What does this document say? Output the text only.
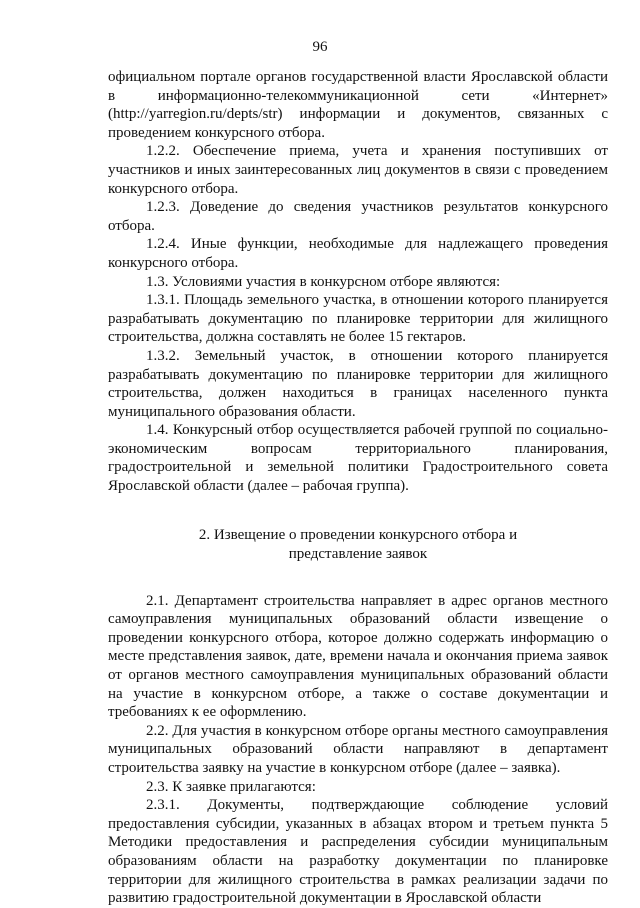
96

официальном портале органов государственной власти Ярославской области в информационно-телекоммуникационной сети «Интернет» (http://yarregion.ru/depts/str) информации и документов, связанных с проведением конкурсного отбора.

1.2.2. Обеспечение приема, учета и хранения поступивших от участников и иных заинтересованных лиц документов в связи с проведением конкурсного отбора.

1.2.3. Доведение до сведения участников результатов конкурсного отбора.

1.2.4. Иные функции, необходимые для надлежащего проведения конкурсного отбора.

1.3. Условиями участия в конкурсном отборе являются:

1.3.1. Площадь земельного участка, в отношении которого планируется разрабатывать документацию по планировке территории для жилищного строительства, должна составлять не более 15 гектаров.

1.3.2. Земельный участок, в отношении которого планируется разрабатывать документацию по планировке территории для жилищного строительства, должен находиться в границах населенного пункта муниципального образования области.

1.4. Конкурсный отбор осуществляется рабочей группой по социально-экономическим вопросам территориального планирования, градостроительной и земельной политики Градостроительного совета Ярославской области (далее – рабочая группа).

2. Извещение о проведении конкурсного отбора и
представление заявок

2.1. Департамент строительства направляет в адрес органов местного самоуправления муниципальных образований области извещение о проведении конкурсного отбора, которое должно содержать информацию о месте представления заявок, дате, времени начала и окончания приема заявок от органов местного самоуправления муниципальных образований области на участие в конкурсном отборе, а также о составе документации и требованиях к ее оформлению.

2.2. Для участия в конкурсном отборе органы местного самоуправления муниципальных образований области направляют в департамент строительства заявку на участие в конкурсном отборе (далее – заявка).

2.3. К заявке прилагаются:

2.3.1. Документы, подтверждающие соблюдение условий предоставления субсидии, указанных в абзацах втором и третьем пункта 5 Методики предоставления и распределения субсидии муниципальным образованиям области на разработку документации по планировке территории для жилищного строительства в рамках реализации задачи по развитию градостроительной документации в Ярославской области
